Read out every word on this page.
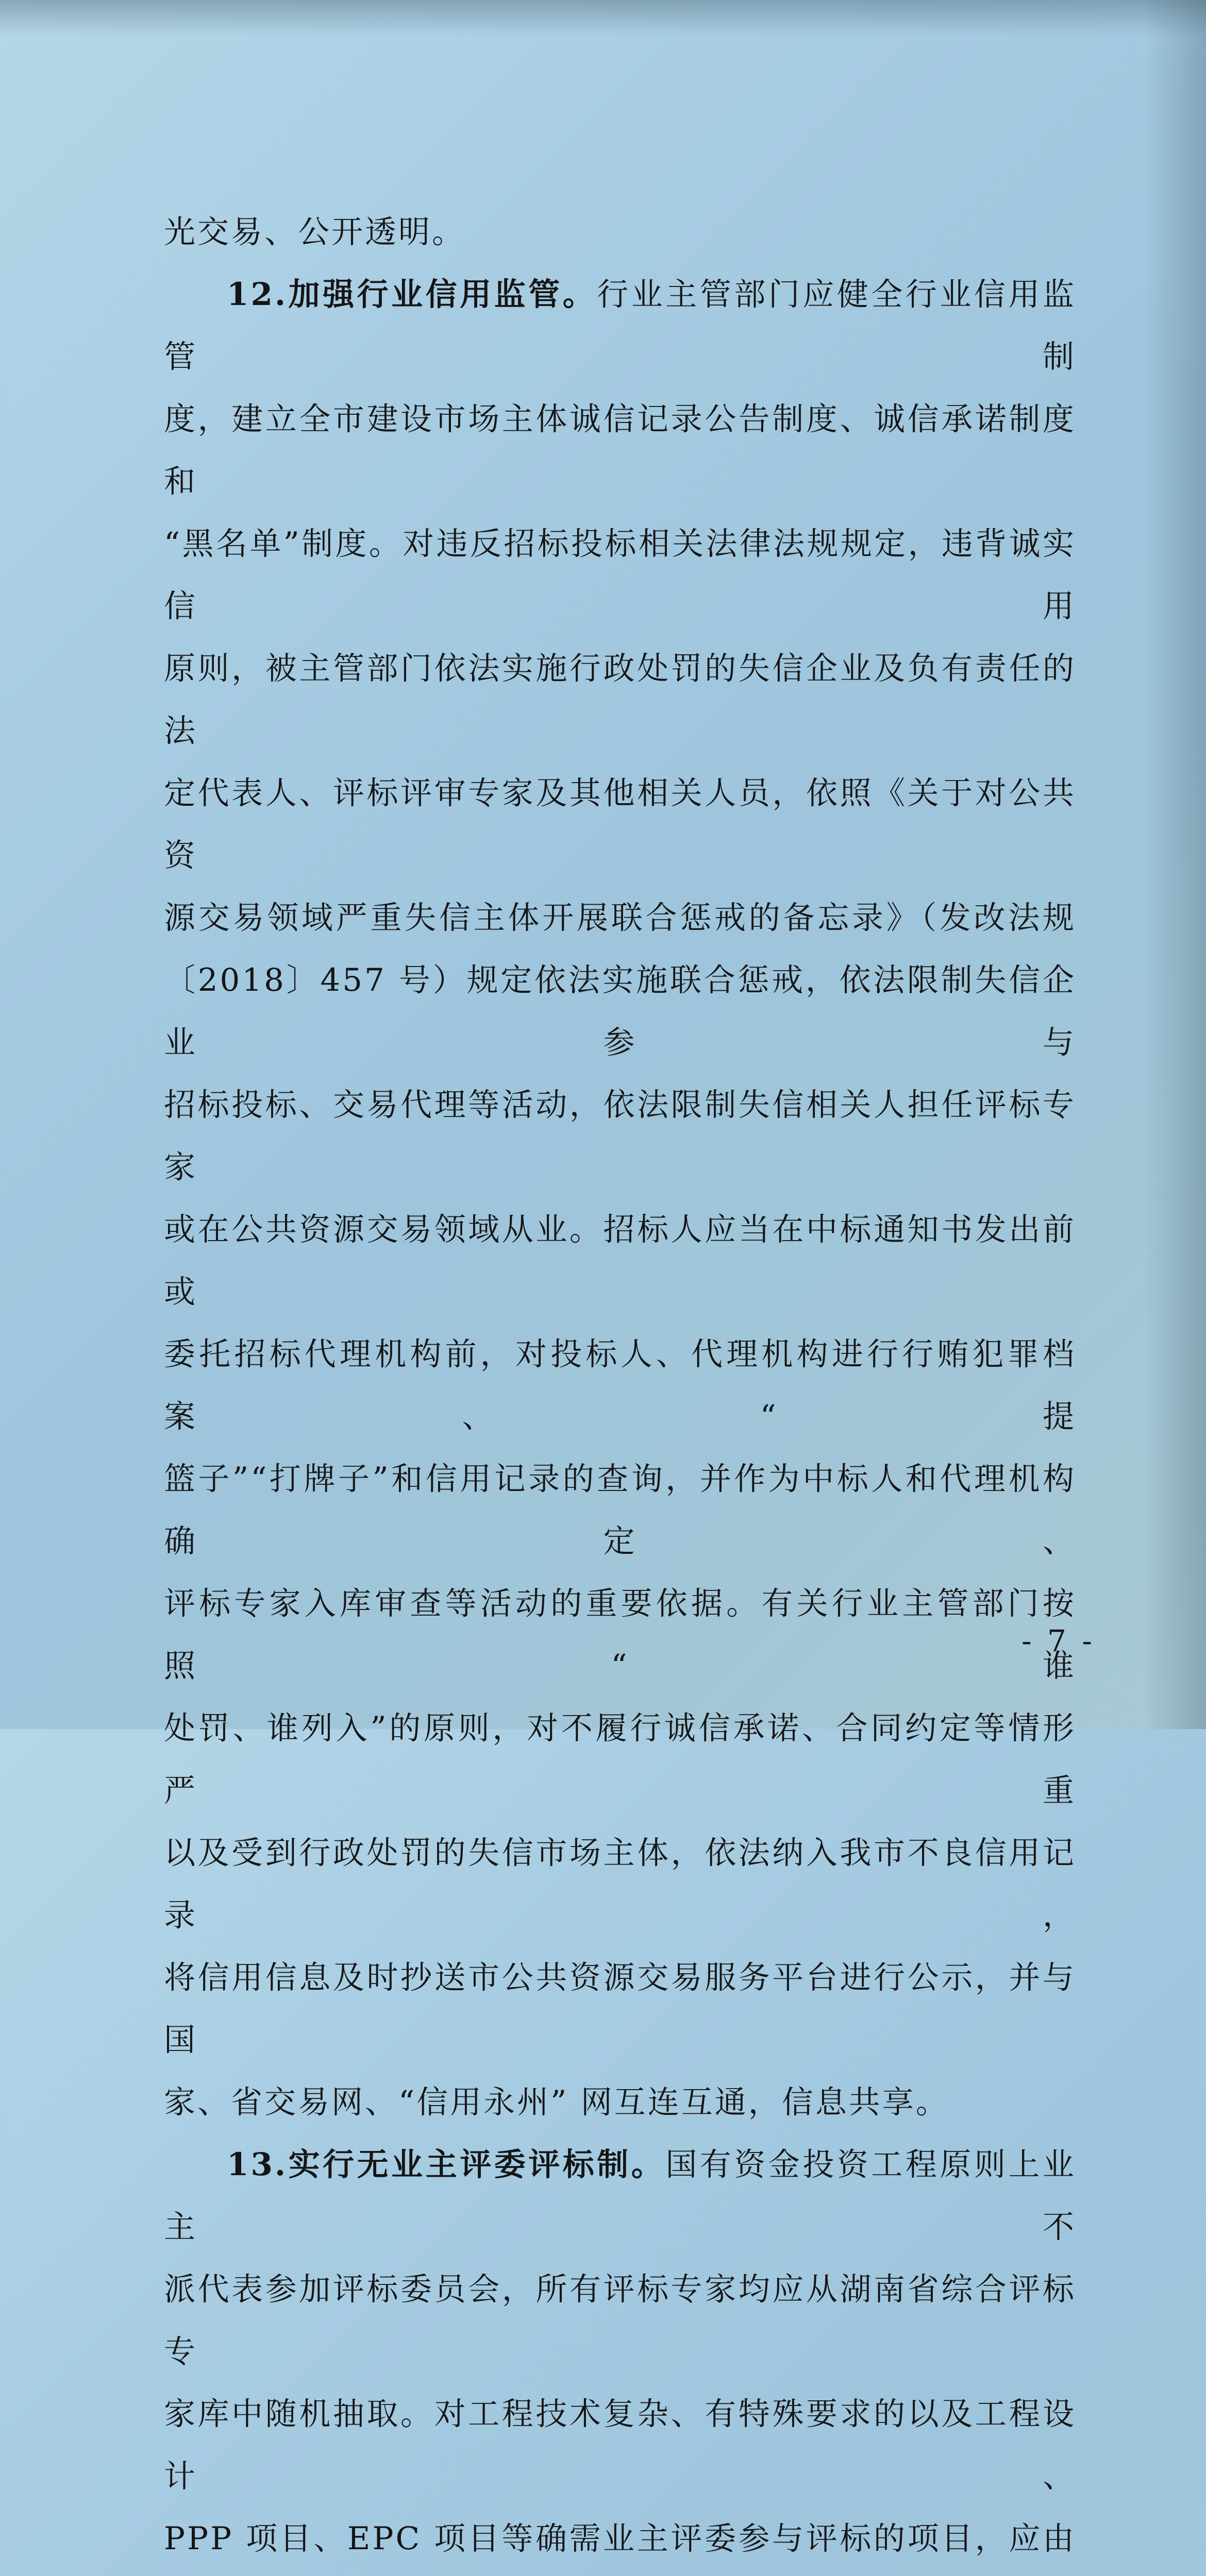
光交易、公开透明。
12.加强行业信用监管。行业主管部门应健全行业信用监管制
度，建立全市建设市场主体诚信记录公告制度、诚信承诺制度和
“黑名单”制度。对违反招标投标相关法律法规规定，违背诚实信用
原则，被主管部门依法实施行政处罚的失信企业及负有责任的法
定代表人、评标评审专家及其他相关人员，依照《关于对公共资
源交易领域严重失信主体开展联合惩戒的备忘录》（发改法规
〔2018〕457 号）规定依法实施联合惩戒，依法限制失信企业参与
招标投标、交易代理等活动，依法限制失信相关人担任评标专家
或在公共资源交易领域从业。招标人应当在中标通知书发出前或
委托招标代理机构前，对投标人、代理机构进行行贿犯罪档案、“提
篮子”“打牌子”和信用记录的查询，并作为中标人和代理机构确定、
评标专家入库审查等活动的重要依据。有关行业主管部门按照“谁
处罚、谁列入”的原则，对不履行诚信承诺、合同约定等情形严重
以及受到行政处罚的失信市场主体，依法纳入我市不良信用记录，
将信用信息及时抄送市公共资源交易服务平台进行公示，并与国
家、省交易网、“信用永州” 网互连互通，信息共享。
13.实行无业主评委评标制。国有资金投资工程原则上业主不
派代表参加评标委员会，所有评标专家均应从湖南省综合评标专
家库中随机抽取。对工程技术复杂、有特殊要求的以及工程设计、
PPP 项目、EPC 项目等确需业主评委参与评标的项目，应由
- 7 -
